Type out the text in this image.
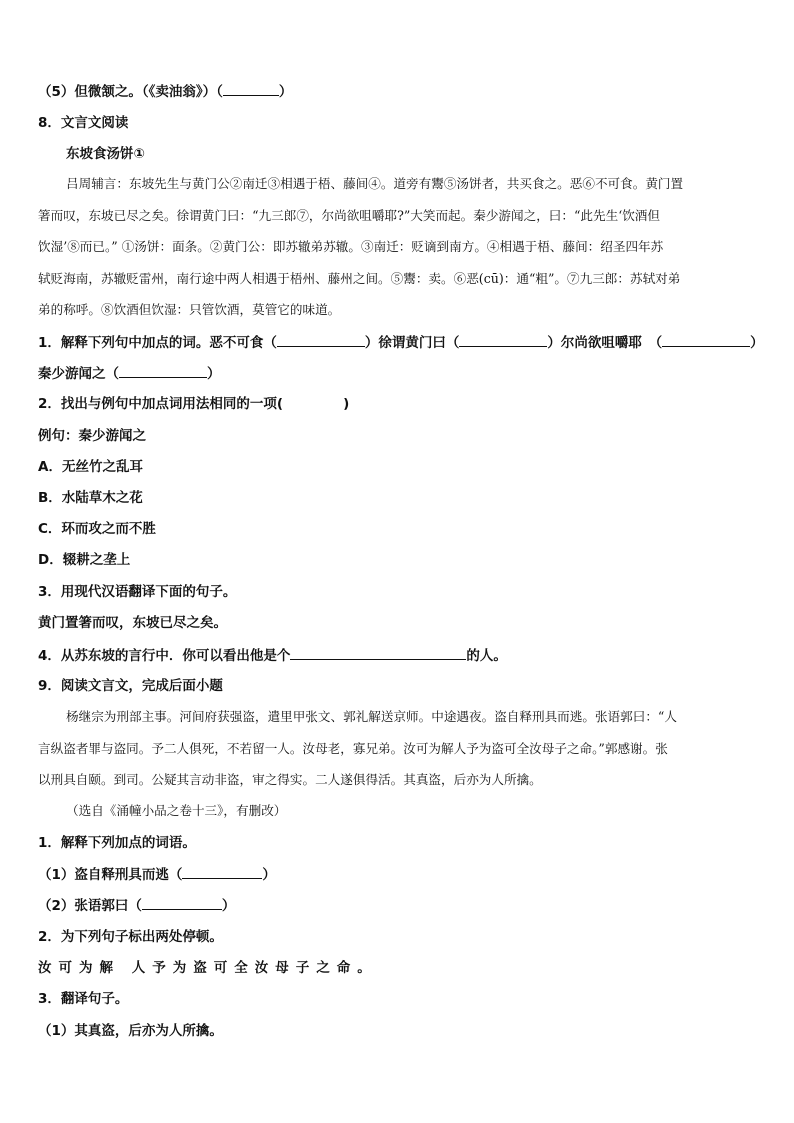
（5）但微颔之。（《卖油翁》）（	）
8．文言文阅读
东坡食汤饼①
吕周辅言：东坡先生与黄门公②南迁③相遇于梧、藤间④。道旁有鬻⑤汤饼者，共买食之。恶⑥不可食。黄门置
箸而叹，东坡已尽之矣。徐谓黄门曰：“九三郎⑦，尔尚欲咀嚼耶?”大笑而起。秦少游闻之，曰：“此先生‘饮酒但
饮湿’⑧而已。” ①汤饼：面条。②黄门公：即苏辙弟苏辙。③南迁：贬谪到南方。④相遇于梧、藤间：绍圣四年苏
轼贬海南，苏辙贬雷州，南行途中两人相遇于梧州、藤州之间。⑤鬻：卖。⑥恶(cū)：通“粗”。⑦九三郎：苏轼对弟
弟的称呼。⑧饮酒但饮湿：只管饮酒，莫管它的味道。
1．解释下列句中加点的词。恶不可食（	）徐谓黄门曰（	）尔尚欲咀嚼耶　（	）
秦少游闻之（	）
2．找出与例句中加点词用法相同的一项(	)
例句：秦少游闻之
A．无丝竹之乱耳
B．水陆草木之花
C．环而攻之而不胜
D．辍耕之垄上
3．用现代汉语翻译下面的句子。
黄门置箸而叹，东坡已尽之矣。
4．从苏东坡的言行中．你可以看出他是个	的人。
9．阅读文言文，完成后面小题
杨继宗为刑部主事。河间府获强盗，遣里甲张文、郭礼解送京师。中途遇夜。盗自释刑具而逃。张语郭曰：“人
言纵盗者罪与盗同。予二人俱死，不若留一人。汝母老，寡兄弟。汝可为解人予为盗可全汝母子之命。”郭感谢。张
以刑具自颐。到司。公疑其言动非盗，审之得实。二人遂俱得活。其真盗，后亦为人所擒。
（选自《涌幢小品之卷十三》，有删改）
1．解释下列加点的词语。
（1）盗自释刑具而逃（	）
（2）张语郭曰（	）
2．为下列句子标出两处停顿。
汝可为解 人予为盗可全汝母子之命。
3．翻译句子。
（1）其真盗，后亦为人所擒。
